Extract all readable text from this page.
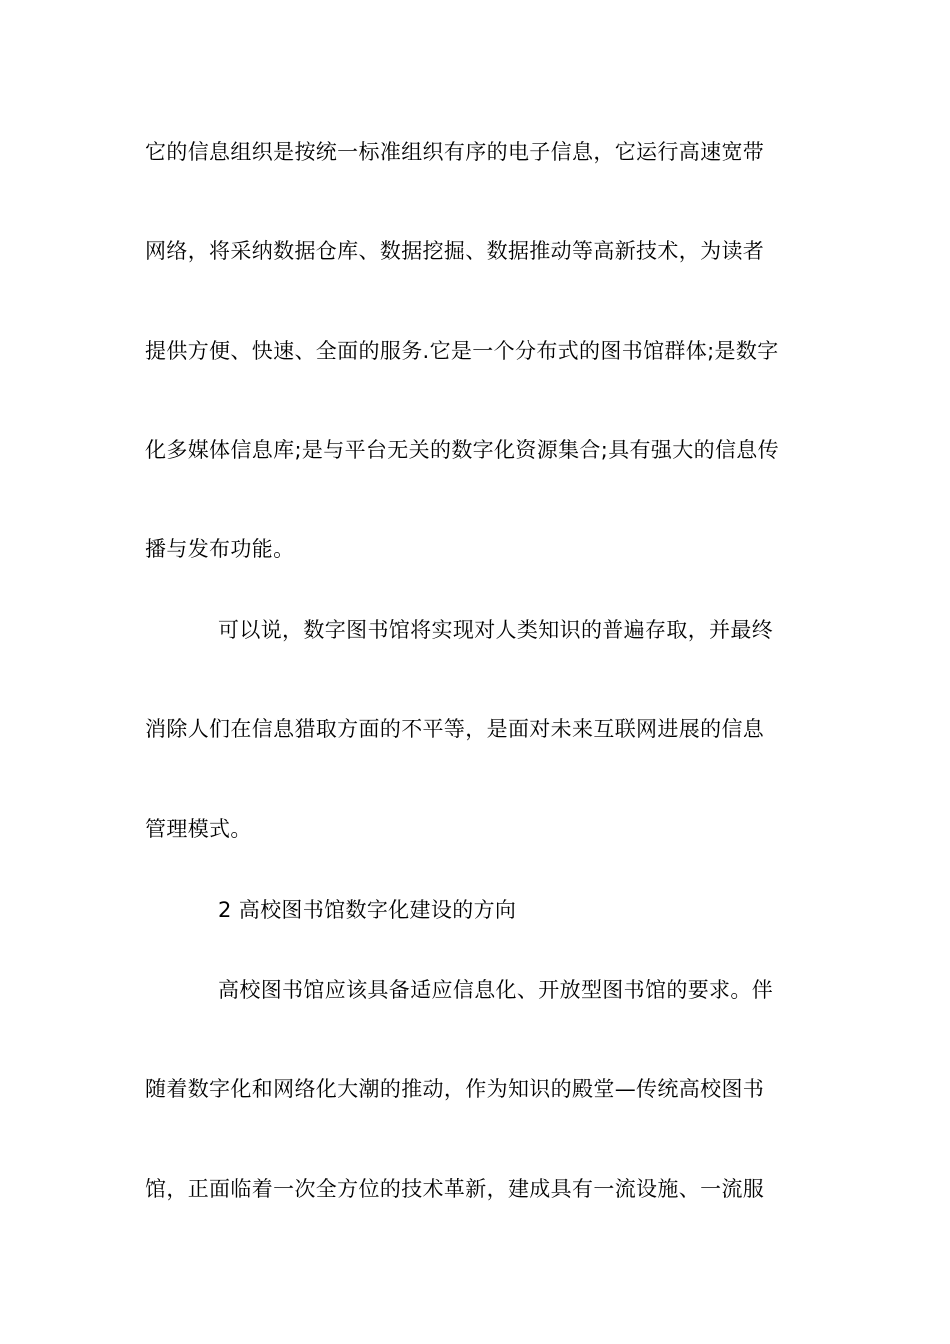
它的信息组织是按统一标准组织有序的电子信息，它运行高速宽带
网络，将采纳数据仓库、数据挖掘、数据推动等高新技术，为读者
提供方便、快速、全面的服务.它是一个分布式的图书馆群体;是数字
化多媒体信息库;是与平台无关的数字化资源集合;具有强大的信息传
播与发布功能。
可以说，数字图书馆将实现对人类知识的普遍存取，并最终
消除人们在信息猎取方面的不平等，是面对未来互联网进展的信息
管理模式。
2 高校图书馆数字化建设的方向
高校图书馆应该具备适应信息化、开放型图书馆的要求。伴
随着数字化和网络化大潮的推动，作为知识的殿堂—传统高校图书
馆，正面临着一次全方位的技术革新，建成具有一流设施、一流服
